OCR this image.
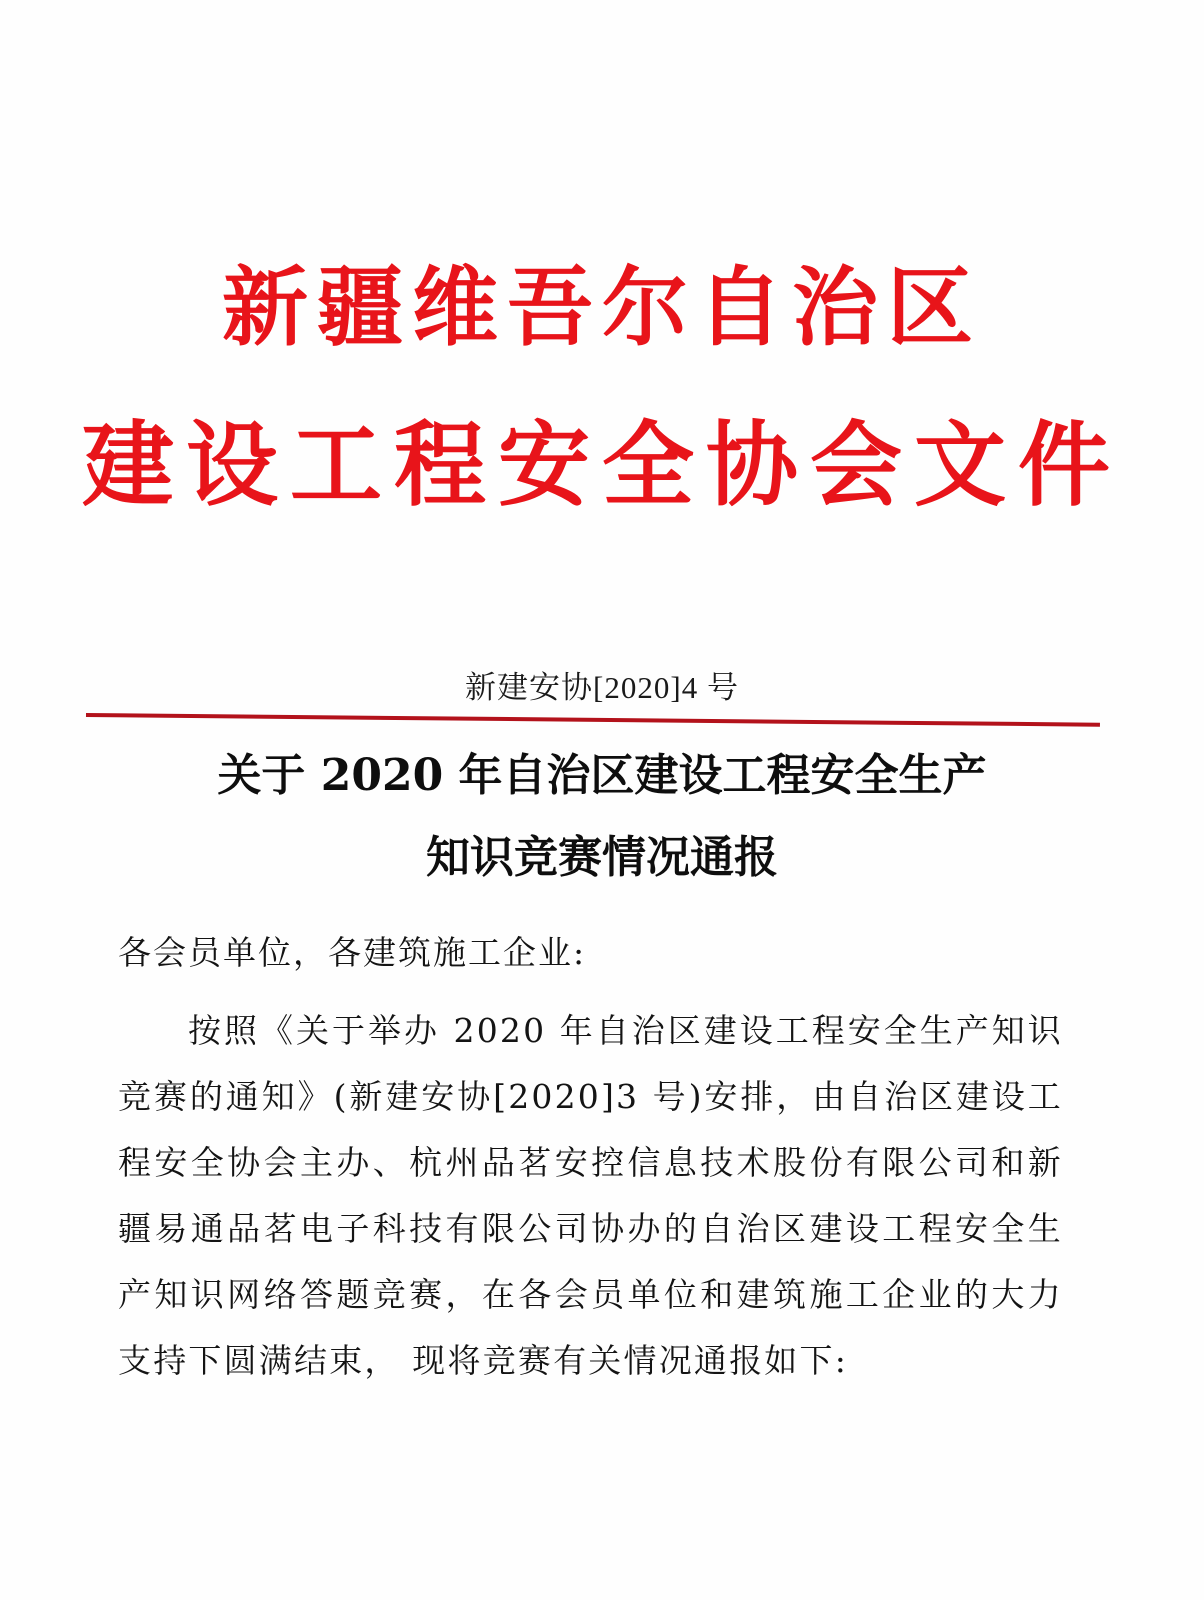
新疆维吾尔自治区
建设工程安全协会文件
新建安协[2020]4 号
关于 2020 年自治区建设工程安全生产
知识竞赛情况通报
各会员单位，各建筑施工企业:
按照《关于举办 2020 年自治区建设工程安全生产知识竞赛的通知》(新建安协[2020]3 号)安排，由自治区建设工程安全协会主办、杭州品茗安控信息技术股份有限公司和新疆易通品茗电子科技有限公司协办的自治区建设工程安全生产知识网络答题竞赛，在各会员单位和建筑施工企业的大力支持下圆满结束， 现将竞赛有关情况通报如下:
